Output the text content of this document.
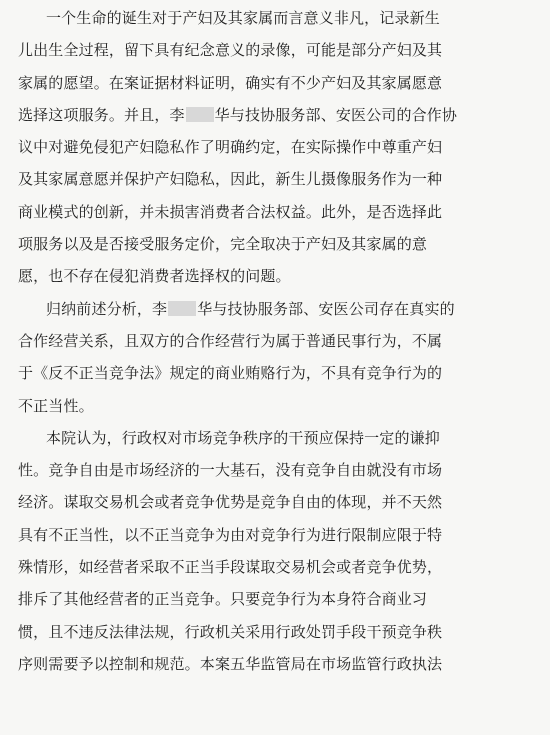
一个生命的诞生对于产妇及其家属而言意义非凡，记录新生
儿出生全过程，留下具有纪念意义的录像，可能是部分产妇及其
家属的愿望。在案证据材料证明，确实有不少产妇及其家属愿意
选择这项服务。并且，李 华与技协服务部、安医公司的合作协
议中对避免侵犯产妇隐私作了明确约定，在实际操作中尊重产妇
及其家属意愿并保护产妇隐私，因此，新生儿摄像服务作为一种
商业模式的创新，并未损害消费者合法权益。此外，是否选择此
项服务以及是否接受服务定价，完全取决于产妇及其家属的意
愿，也不存在侵犯消费者选择权的问题。
归纳前述分析，李 华与技协服务部、安医公司存在真实的
合作经营关系，且双方的合作经营行为属于普通民事行为，不属
于《反不正当竞争法》规定的商业贿赂行为，不具有竞争行为的
不正当性。
本院认为，行政权对市场竞争秩序的干预应保持一定的谦抑
性。竞争自由是市场经济的一大基石，没有竞争自由就没有市场
经济。谋取交易机会或者竞争优势是竞争自由的体现，并不天然
具有不正当性，以不正当竞争为由对竞争行为进行限制应限于特
殊情形，如经营者采取不正当手段谋取交易机会或者竞争优势，
排斥了其他经营者的正当竞争。只要竞争行为本身符合商业习
惯，且不违反法律法规，行政机关采用行政处罚手段干预竞争秩
序则需要予以控制和规范。本案五华监管局在市场监管行政执法
